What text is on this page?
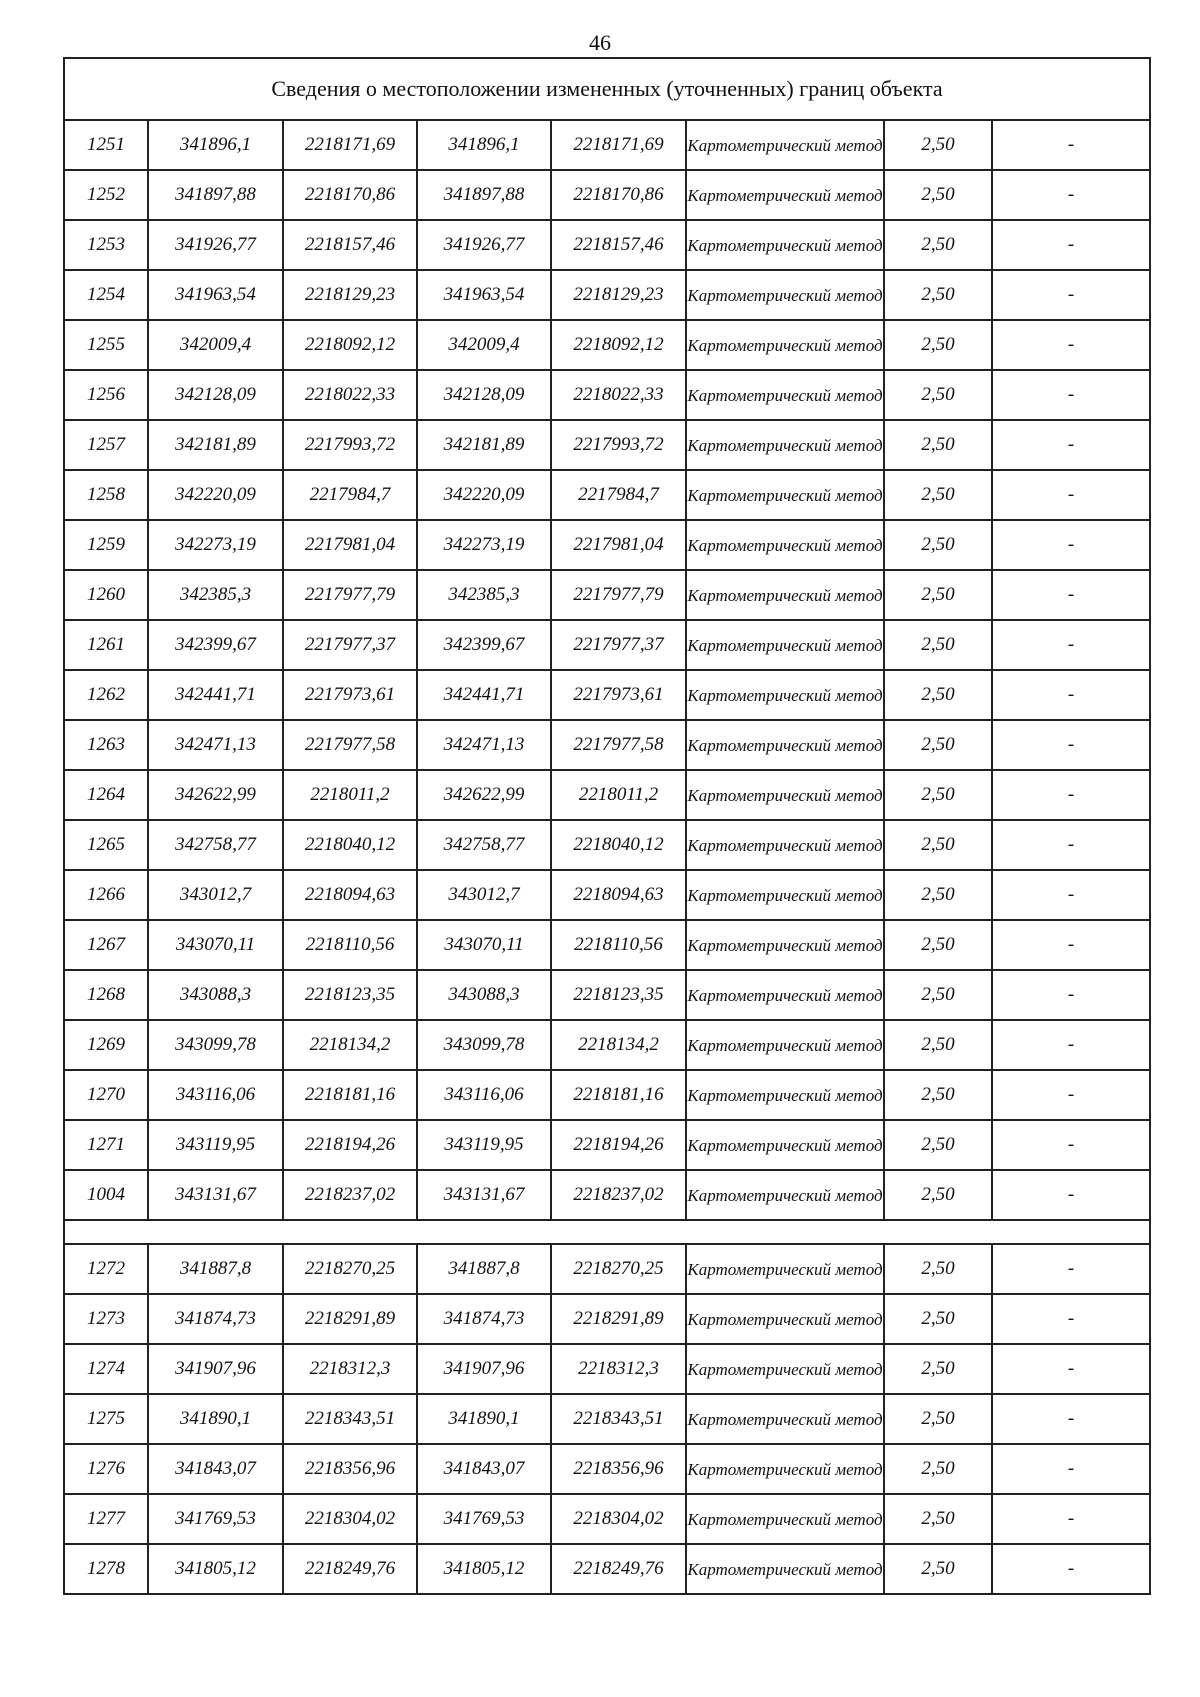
46
Сведения о местоположении измененных (уточненных) границ объекта							
1251	341896,1	2218171,69	341896,1	2218171,69	Картометрический метод	2,50	-
1252	341897,88	2218170,86	341897,88	2218170,86	Картометрический метод	2,50	-
1253	341926,77	2218157,46	341926,77	2218157,46	Картометрический метод	2,50	-
1254	341963,54	2218129,23	341963,54	2218129,23	Картометрический метод	2,50	-
1255	342009,4	2218092,12	342009,4	2218092,12	Картометрический метод	2,50	-
1256	342128,09	2218022,33	342128,09	2218022,33	Картометрический метод	2,50	-
1257	342181,89	2217993,72	342181,89	2217993,72	Картометрический метод	2,50	-
1258	342220,09	2217984,7	342220,09	2217984,7	Картометрический метод	2,50	-
1259	342273,19	2217981,04	342273,19	2217981,04	Картометрический метод	2,50	-
1260	342385,3	2217977,79	342385,3	2217977,79	Картометрический метод	2,50	-
1261	342399,67	2217977,37	342399,67	2217977,37	Картометрический метод	2,50	-
1262	342441,71	2217973,61	342441,71	2217973,61	Картометрический метод	2,50	-
1263	342471,13	2217977,58	342471,13	2217977,58	Картометрический метод	2,50	-
1264	342622,99	2218011,2	342622,99	2218011,2	Картометрический метод	2,50	-
1265	342758,77	2218040,12	342758,77	2218040,12	Картометрический метод	2,50	-
1266	343012,7	2218094,63	343012,7	2218094,63	Картометрический метод	2,50	-
1267	343070,11	2218110,56	343070,11	2218110,56	Картометрический метод	2,50	-
1268	343088,3	2218123,35	343088,3	2218123,35	Картометрический метод	2,50	-
1269	343099,78	2218134,2	343099,78	2218134,2	Картометрический метод	2,50	-
1270	343116,06	2218181,16	343116,06	2218181,16	Картометрический метод	2,50	-
1271	343119,95	2218194,26	343119,95	2218194,26	Картометрический метод	2,50	-
1004	343131,67	2218237,02	343131,67	2218237,02	Картометрический метод	2,50	-

1272	341887,8	2218270,25	341887,8	2218270,25	Картометрический метод	2,50	-
1273	341874,73	2218291,89	341874,73	2218291,89	Картометрический метод	2,50	-
1274	341907,96	2218312,3	341907,96	2218312,3	Картометрический метод	2,50	-
1275	341890,1	2218343,51	341890,1	2218343,51	Картометрический метод	2,50	-
1276	341843,07	2218356,96	341843,07	2218356,96	Картометрический метод	2,50	-
1277	341769,53	2218304,02	341769,53	2218304,02	Картометрический метод	2,50	-
1278	341805,12	2218249,76	341805,12	2218249,76	Картометрический метод	2,50	-
